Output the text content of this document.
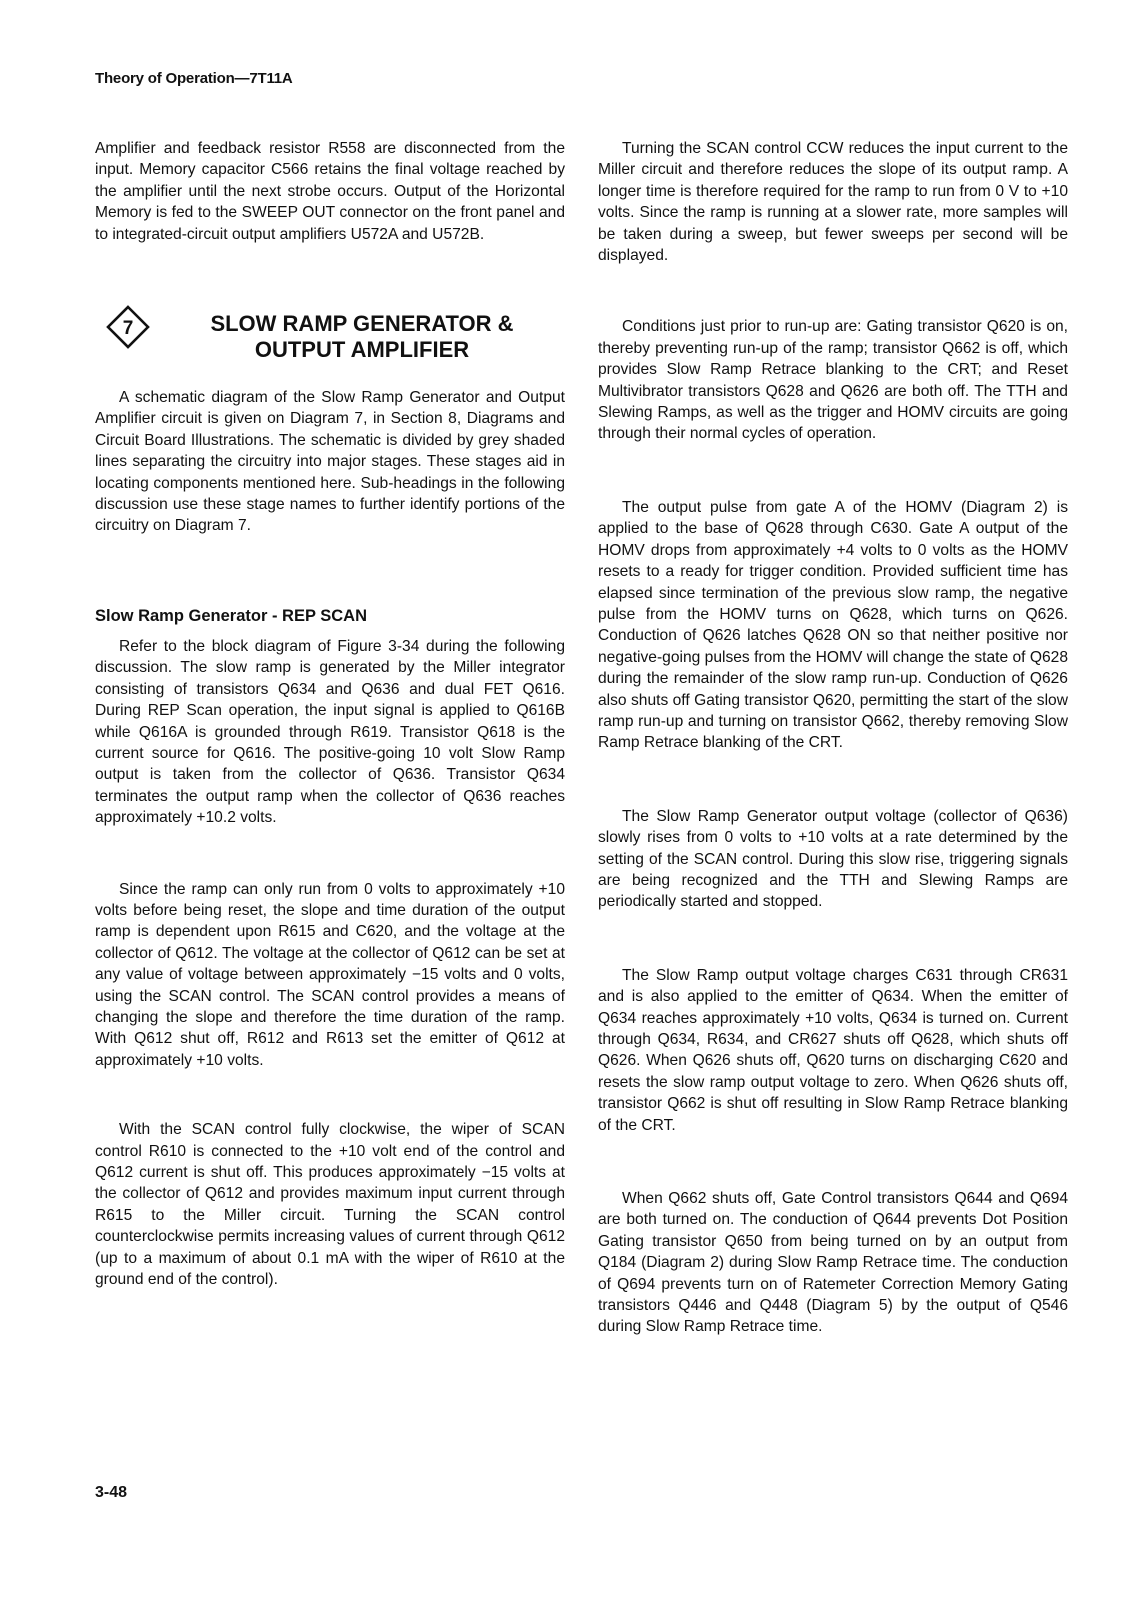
Theory of Operation—7T11A

Amplifier and feedback resistor R558 are disconnected from the input. Memory capacitor C566 retains the final voltage reached by the amplifier until the next strobe occurs. Output of the Horizontal Memory is fed to the SWEEP OUT connector on the front panel and to integrated-circuit output amplifiers U572A and U572B.

7	SLOW RAMP GENERATOR &
OUTPUT AMPLIFIER

A schematic diagram of the Slow Ramp Generator and Output Amplifier circuit is given on Diagram 7, in Section 8, Diagrams and Circuit Board Illustrations. The schematic is divided by grey shaded lines separating the circuitry into major stages. These stages aid in locating components mentioned here. Sub-headings in the following discussion use these stage names to further identify portions of the circuitry on Diagram 7.

Slow Ramp Generator - REP SCAN

Refer to the block diagram of Figure 3-34 during the following discussion. The slow ramp is generated by the Miller integrator consisting of transistors Q634 and Q636 and dual FET Q616. During REP Scan operation, the input signal is applied to Q616B while Q616A is grounded through R619. Transistor Q618 is the current source for Q616. The positive-going 10 volt Slow Ramp output is taken from the collector of Q636. Transistor Q634 terminates the output ramp when the collector of Q636 reaches approximately +10.2 volts.

Since the ramp can only run from 0 volts to approximately +10 volts before being reset, the slope and time duration of the output ramp is dependent upon R615 and C620, and the voltage at the collector of Q612. The voltage at the collector of Q612 can be set at any value of voltage between approximately −15 volts and 0 volts, using the SCAN control. The SCAN control provides a means of changing the slope and therefore the time duration of the ramp. With Q612 shut off, R612 and R613 set the emitter of Q612 at approximately +10 volts.

With the SCAN control fully clockwise, the wiper of SCAN control R610 is connected to the +10 volt end of the control and Q612 current is shut off. This produces approximately −15 volts at the collector of Q612 and provides maximum input current through R615 to the Miller circuit. Turning the SCAN control counterclockwise permits increasing values of current through Q612 (up to a maximum of about 0.1 mA with the wiper of R610 at the ground end of the control).

Turning the SCAN control CCW reduces the input current to the Miller circuit and therefore reduces the slope of its output ramp. A longer time is therefore required for the ramp to run from 0 V to +10 volts. Since the ramp is running at a slower rate, more samples will be taken during a sweep, but fewer sweeps per second will be displayed.

Conditions just prior to run-up are: Gating transistor Q620 is on, thereby preventing run-up of the ramp; transistor Q662 is off, which provides Slow Ramp Retrace blanking to the CRT; and Reset Multivibrator transistors Q628 and Q626 are both off. The TTH and Slewing Ramps, as well as the trigger and HOMV circuits are going through their normal cycles of operation.

The output pulse from gate A of the HOMV (Diagram 2) is applied to the base of Q628 through C630. Gate A output of the HOMV drops from approximately +4 volts to 0 volts as the HOMV resets to a ready for trigger condition. Provided sufficient time has elapsed since termination of the previous slow ramp, the negative pulse from the HOMV turns on Q628, which turns on Q626. Conduction of Q626 latches Q628 ON so that neither positive nor negative-going pulses from the HOMV will change the state of Q628 during the remainder of the slow ramp run-up. Conduction of Q626 also shuts off Gating transistor Q620, permitting the start of the slow ramp run-up and turning on transistor Q662, thereby removing Slow Ramp Retrace blanking of the CRT.

The Slow Ramp Generator output voltage (collector of Q636) slowly rises from 0 volts to +10 volts at a rate determined by the setting of the SCAN control. During this slow rise, triggering signals are being recognized and the TTH and Slewing Ramps are periodically started and stopped.

The Slow Ramp output voltage charges C631 through CR631 and is also applied to the emitter of Q634. When the emitter of Q634 reaches approximately +10 volts, Q634 is turned on. Current through Q634, R634, and CR627 shuts off Q628, which shuts off Q626. When Q626 shuts off, Q620 turns on discharging C620 and resets the slow ramp output voltage to zero. When Q626 shuts off, transistor Q662 is shut off resulting in Slow Ramp Retrace blanking of the CRT.

When Q662 shuts off, Gate Control transistors Q644 and Q694 are both turned on. The conduction of Q644 prevents Dot Position Gating transistor Q650 from being turned on by an output from Q184 (Diagram 2) during Slow Ramp Retrace time. The conduction of Q694 prevents turn on of Ratemeter Correction Memory Gating transistors Q446 and Q448 (Diagram 5) by the output of Q546 during Slow Ramp Retrace time.

3-48
